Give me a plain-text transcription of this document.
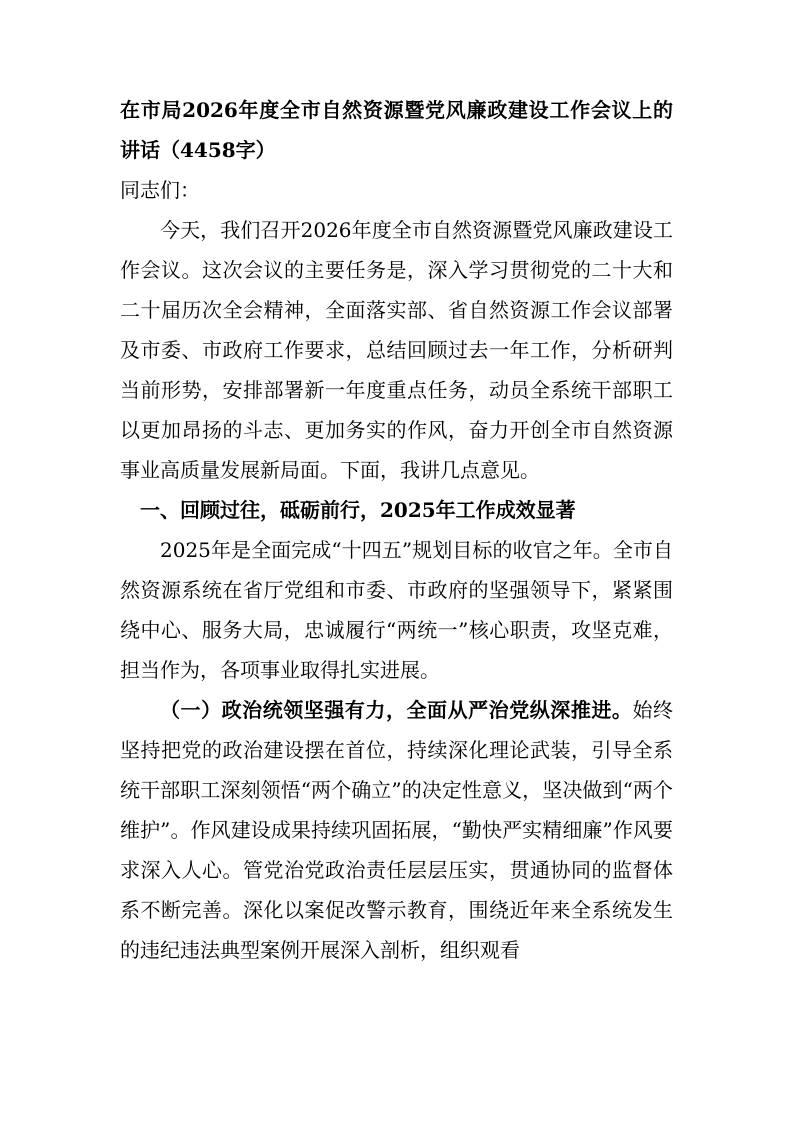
在市局2026年度全市自然资源暨党风廉政建设工作会议上的讲话（4458字）

同志们：

今天，我们召开2026年度全市自然资源暨党风廉政建设工作会议。这次会议的主要任务是，深入学习贯彻党的二十大和二十届历次全会精神，全面落实部、省自然资源工作会议部署及市委、市政府工作要求，总结回顾过去一年工作，分析研判当前形势，安排部署新一年度重点任务，动员全系统干部职工以更加昂扬的斗志、更加务实的作风，奋力开创全市自然资源事业高质量发展新局面。下面，我讲几点意见。

一、回顾过往，砥砺前行，2025年工作成效显著

2025年是全面完成“十四五”规划目标的收官之年。全市自然资源系统在省厅党组和市委、市政府的坚强领导下，紧紧围绕中心、服务大局，忠诚履行“两统一”核心职责，攻坚克难，担当作为，各项事业取得扎实进展。

（一）政治统领坚强有力，全面从严治党纵深推进。始终坚持把党的政治建设摆在首位，持续深化理论武装，引导全系统干部职工深刻领悟“两个确立”的决定性意义，坚决做到“两个维护”。作风建设成果持续巩固拓展，“勤快严实精细廉”作风要求深入人心。管党治党政治责任层层压实，贯通协同的监督体系不断完善。深化以案促改警示教育，围绕近年来全系统发生的违纪违法典型案例开展深入剖析，组织观看
